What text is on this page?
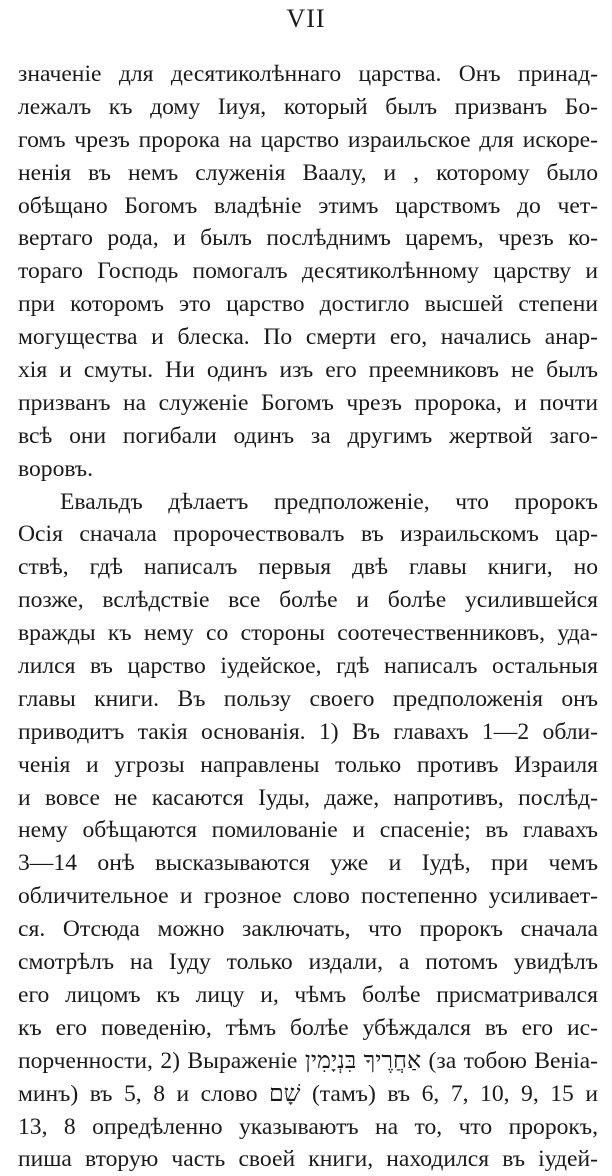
VII
значеніе для десятиколѣннаго царства. Онъ принад-
лежалъ къ дому Іиуя, который былъ призванъ Бо-
гомъ чрезъ пророка на царство израильское для искоре-
ненія въ немъ служенія Ваалу, и , которому было
обѣщано Богомъ владѣніе этимъ царствомъ до чет-
вертаго рода, и былъ послѣднимъ царемъ, чрезъ ко-
тораго Господь помогалъ десятиколѣнному царству и
при которомъ это царство достигло высшей степени
могущества и блеска. По смерти его, начались анар-
хія и смуты. Ни одинъ изъ его преемниковъ не былъ
призванъ на служеніе Богомъ чрезъ пророка, и почти
всѣ они погибали одинъ за другимъ жертвой заго-
воровъ.
Евальдъ дѣлаетъ предположеніе, что пророкъ
Осія сначала пророчествовалъ въ израильскомъ цар-
ствѣ, гдѣ написалъ первыя двѣ главы книги, но
позже, вслѣдствіе все болѣе и болѣе усилившейся
вражды къ нему со стороны соотечественниковъ, уда-
лился въ царство іудейское, гдѣ написалъ остальныя
главы книги. Въ пользу своего предположенія онъ
приводитъ такія основанія. 1) Въ главахъ 1—2 обли-
ченія и угрозы направлены только противъ Израиля
и вовсе не касаются Іуды, даже, напротивъ, послѣд-
нему обѣщаются помилованіе и спасеніе; въ главахъ
3—14 онѣ высказываются уже и Іудѣ, при чемъ
обличительное и грозное слово постепенно усиливает-
ся. Отсюда можно заключать, что пророкъ сначала
смотрѣлъ на Іуду только издали, а потомъ увидѣлъ
его лицомъ къ лицу и, чѣмъ болѣе присматривался
къ его поведенію, тѣмъ болѣе убѣждался въ его ис-
порченности, 2) Выраженіе אַחֲרֶיךָ בִּנְיָמִין (за тобою Веніа-
минъ) въ 5, 8 и слово שָׁם (тамъ) въ 6, 7, 10, 9, 15 и
13, 8 опредѣленно указываютъ на то, что пророкъ,
пиша вторую часть своей книги, находился въ іудей-
